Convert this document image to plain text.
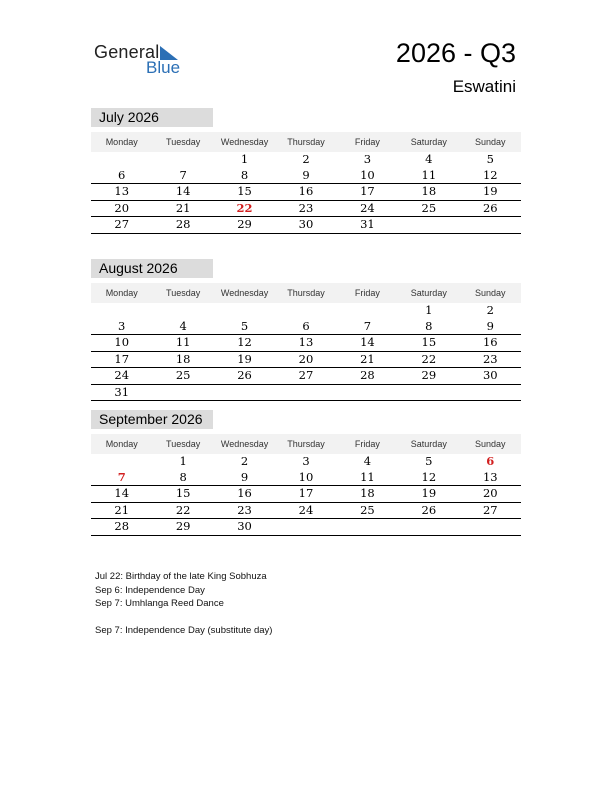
General
Blue	2026 - Q3
Eswatini
July 2026
Monday	Tuesday	Wednesday	Thursday	Friday	Saturday	Sunday
		1	2	3	4	5
6	7	8	9	10	11	12
13	14	15	16	17	18	19
20	21	22	23	24	25	26
27	28	29	30	31		
August 2026
Monday	Tuesday	Wednesday	Thursday	Friday	Saturday	Sunday
					1	2
3	4	5	6	7	8	9
10	11	12	13	14	15	16
17	18	19	20	21	22	23
24	25	26	27	28	29	30
31						
September 2026
Monday	Tuesday	Wednesday	Thursday	Friday	Saturday	Sunday
	1	2	3	4	5	6
7	8	9	10	11	12	13
14	15	16	17	18	19	20
21	22	23	24	25	26	27
28	29	30				
Jul 22: Birthday of the late King Sobhuza
Sep 6: Independence Day
Sep 7: Umhlanga Reed Dance
Sep 7: Independence Day (substitute day)
